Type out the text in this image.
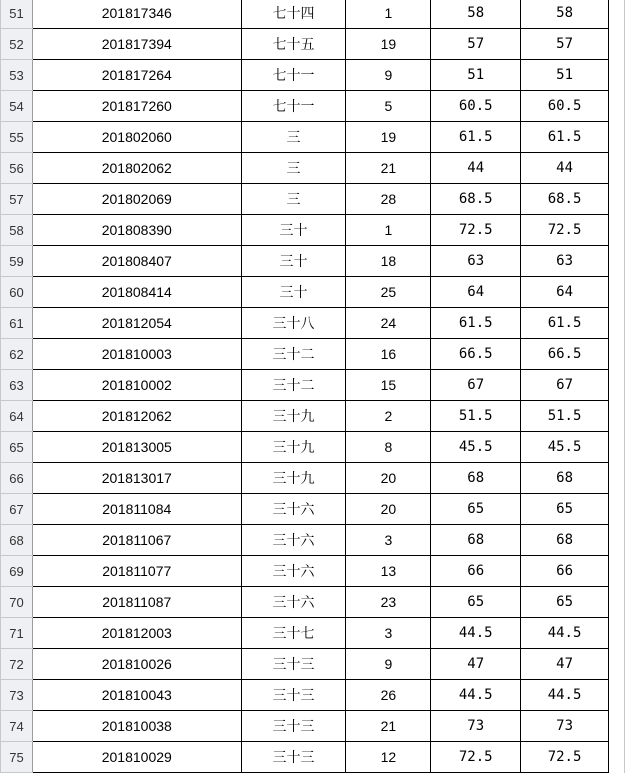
51	201817346	七十四	1	58	58	
52	201817394	七十五	19	57	57	
53	201817264	七十一	9	51	51	
54	201817260	七十一	5	60.5	60.5	
55	201802060	三	19	61.5	61.5	
56	201802062	三	21	44	44	
57	201802069	三	28	68.5	68.5	
58	201808390	三十	1	72.5	72.5	
59	201808407	三十	18	63	63	
60	201808414	三十	25	64	64	
61	201812054	三十八	24	61.5	61.5	
62	201810003	三十二	16	66.5	66.5	
63	201810002	三十二	15	67	67	
64	201812062	三十九	2	51.5	51.5	
65	201813005	三十九	8	45.5	45.5	
66	201813017	三十九	20	68	68	
67	201811084	三十六	20	65	65	
68	201811067	三十六	3	68	68	
69	201811077	三十六	13	66	66	
70	201811087	三十六	23	65	65	
71	201812003	三十七	3	44.5	44.5	
72	201810026	三十三	9	47	47	
73	201810043	三十三	26	44.5	44.5	
74	201810038	三十三	21	73	73	
75	201810029	三十三	12	72.5	72.5	
